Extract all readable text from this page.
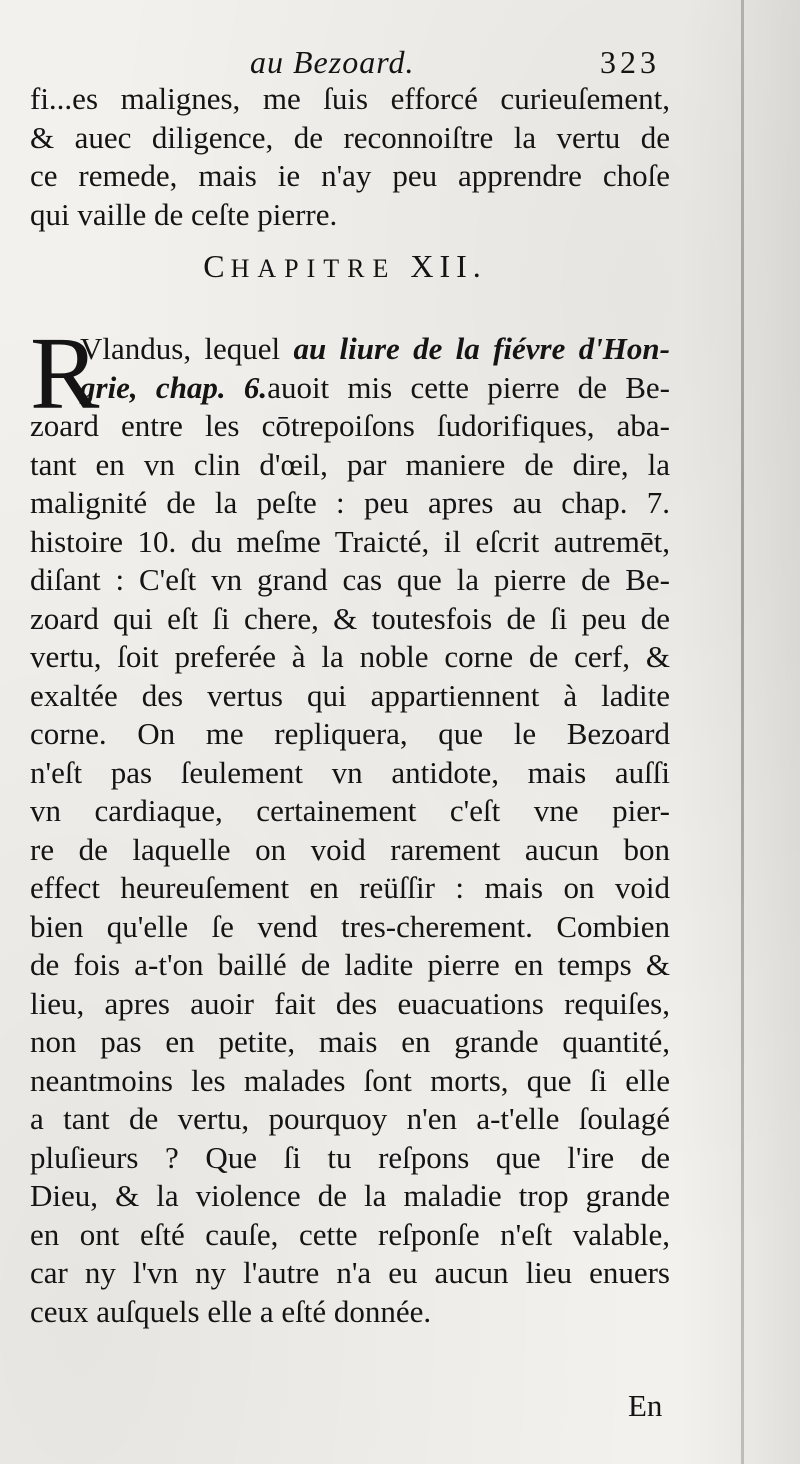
au Bezoard.	323
fi...es malignes, me ſuis efforcé curieuſement,
& auec diligence, de reconnoiſtre la vertu de
ce remede, mais ie n'ay peu apprendre choſe
qui vaille de ceſte pierre.
CHAPITRE XII.
R
Vlandus, lequel au liure de la fiévre d'Hon-
grie, chap. 6.auoit mis cette pierre de Be-
zoard entre les cōtrepoiſons ſudorifiques, aba-
tant en vn clin d'œil, par maniere de dire, la
malignité de la peſte : peu apres au chap. 7.
histoire 10. du meſme Traicté, il eſcrit autremēt,
diſant : C'eſt vn grand cas que la pierre de Be-
zoard qui eſt ſi chere, & toutesfois de ſi peu de
vertu, ſoit preferée à la noble corne de cerf, &
exaltée des vertus qui appartiennent à ladite
corne. On me repliquera, que le Bezoard
n'eſt pas ſeulement vn antidote, mais auſſi
vn cardiaque, certainement c'eſt vne pier-
re de laquelle on void rarement aucun bon
effect heureuſement en reüſſir : mais on void
bien qu'elle ſe vend tres-cherement. Combien
de fois a-t'on baillé de ladite pierre en temps &
lieu, apres auoir fait des euacuations requiſes,
non pas en petite, mais en grande quantité,
neantmoins les malades ſont morts, que ſi elle
a tant de vertu, pourquoy n'en a-t'elle ſoulagé
pluſieurs ? Que ſi tu reſpons que l'ire de
Dieu, & la violence de la maladie trop grande
en ont eſté cauſe, cette reſponſe n'eſt valable,
car ny l'vn ny l'autre n'a eu aucun lieu enuers
ceux auſquels elle a eſté donnée.
En
